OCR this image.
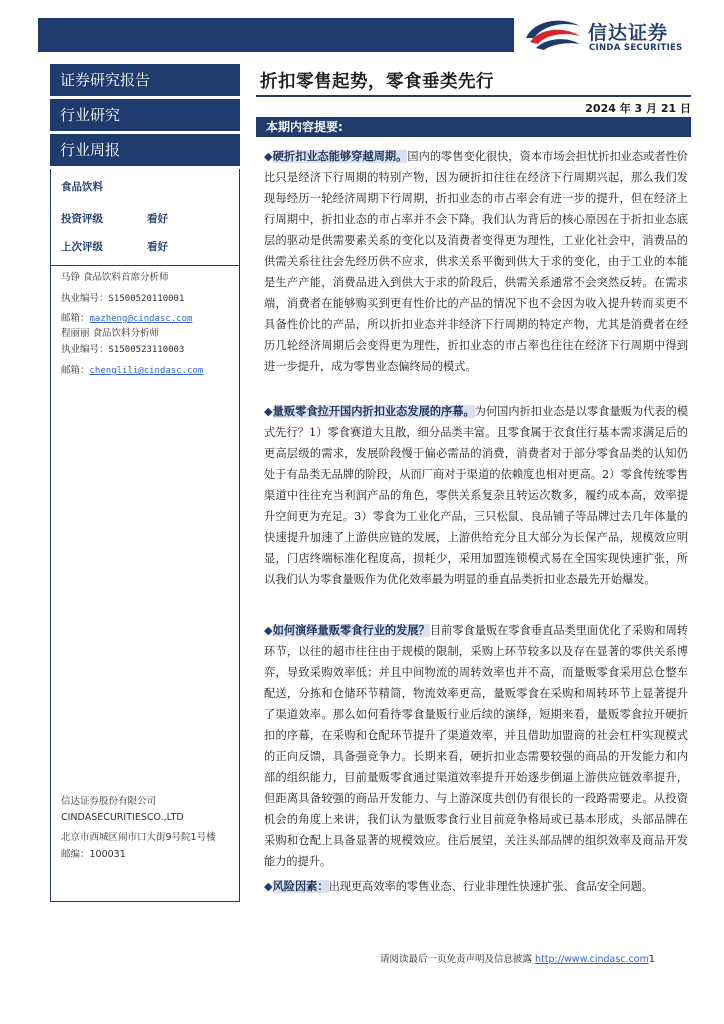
信达证券
CINDA SECURITIES
证券研究报告
行业研究
行业周报
食品饮料
投资评级	看好
上次评级	看好
马铮 食品饮料首席分析师
执业编号：S1500520110001
邮箱：mazheng@cindasc.com
程丽丽 食品饮料分析师
执业编号：S1500523110003
邮箱：chenglili@cindasc.com
信达证券股份有限公司
CINDASECURITIESCO.,LTD
北京市西城区闹市口大街9号院1号楼
邮编：100031
折扣零售起势，零食垂类先行
2024 年 3 月 21 日
本期内容提要:
◆硬折扣业态能够穿越周期。国内的零售变化很快，资本市场会担忧折扣业态或者性价比只是经济下行周期的特别产物，因为硬折扣往往在经济下行周期兴起，那么我们发现每经历一轮经济周期下行周期，折扣业态的市占率会有进一步的提升，但在经济上行周期中，折扣业态的市占率并不会下降。我们认为背后的核心原因在于折扣业态底层的驱动是供需要素关系的变化以及消费者变得更为理性，工业化社会中，消费品的供需关系往往会先经历供不应求，供求关系平衡到供大于求的变化，由于工业的本能是生产产能，消费品进入到供大于求的阶段后，供需关系通常不会突然反转。在需求端，消费者在能够购买到更有性价比的产品的情况下也不会因为收入提升转而买更不具备性价比的产品，所以折扣业态并非经济下行周期的特定产物，尤其是消费者在经历几轮经济周期后会变得更为理性，折扣业态的市占率也往往在经济下行周期中得到进一步提升，成为零售业态偏终局的模式。
◆量贩零食拉开国内折扣业态发展的序幕。为何国内折扣业态是以零食量贩为代表的模式先行？1）零食赛道大且散，细分品类丰富。且零食属于衣食住行基本需求满足后的更高层级的需求，发展阶段慢于偏必需品的消费，消费者对于部分零食品类的认知仍处于有品类无品牌的阶段，从而厂商对于渠道的依赖度也相对更高。2）零食传统零售渠道中往往充当利润产品的角色，零供关系复杂且转运次数多，履约成本高，效率提升空间更为充足。3）零食为工业化产品，三只松鼠、良品铺子等品牌过去几年体量的快速提升加速了上游供应链的发展，上游供给充分且大部分为长保产品，规模效应明显，门店终端标准化程度高，损耗少，采用加盟连锁模式易在全国实现快速扩张，所以我们认为零食量贩作为优化效率最为明显的垂直品类折扣业态最先开始爆发。
◆如何演绎量贩零食行业的发展？目前零食量贩在零食垂直品类里面优化了采购和周转环节，以往的超市往往由于规模的限制，采购上环节较多以及存在显著的零供关系博弈，导致采购效率低；并且中间物流的周转效率也并不高，而量贩零食采用总仓整车配送，分拣和仓储环节精简，物流效率更高，量贩零食在采购和周转环节上显著提升了渠道效率。那么如何看待零食量贩行业后续的演绎，短期来看，量贩零食拉开硬折扣的序幕，在采购和仓配环节提升了渠道效率，并且借助加盟商的社会杠杆实现模式的正向反馈，具备强竞争力。长期来看，硬折扣业态需要较强的商品的开发能力和内部的组织能力，目前量贩零食通过渠道效率提升开始逐步倒逼上游供应链效率提升，但距离具备较强的商品开发能力、与上游深度共创仍有很长的一段路需要走。从投资机会的角度上来讲，我们认为量贩零食行业目前竞争格局或已基本形成，头部品牌在采购和仓配上具备显著的规模效应。往后展望，关注头部品牌的组织效率及商品开发能力的提升。
◆风险因素：出现更高效率的零售业态、行业非理性快速扩张、食品安全问题。
请阅读最后一页免责声明及信息披露 http://www.cindasc.com1
